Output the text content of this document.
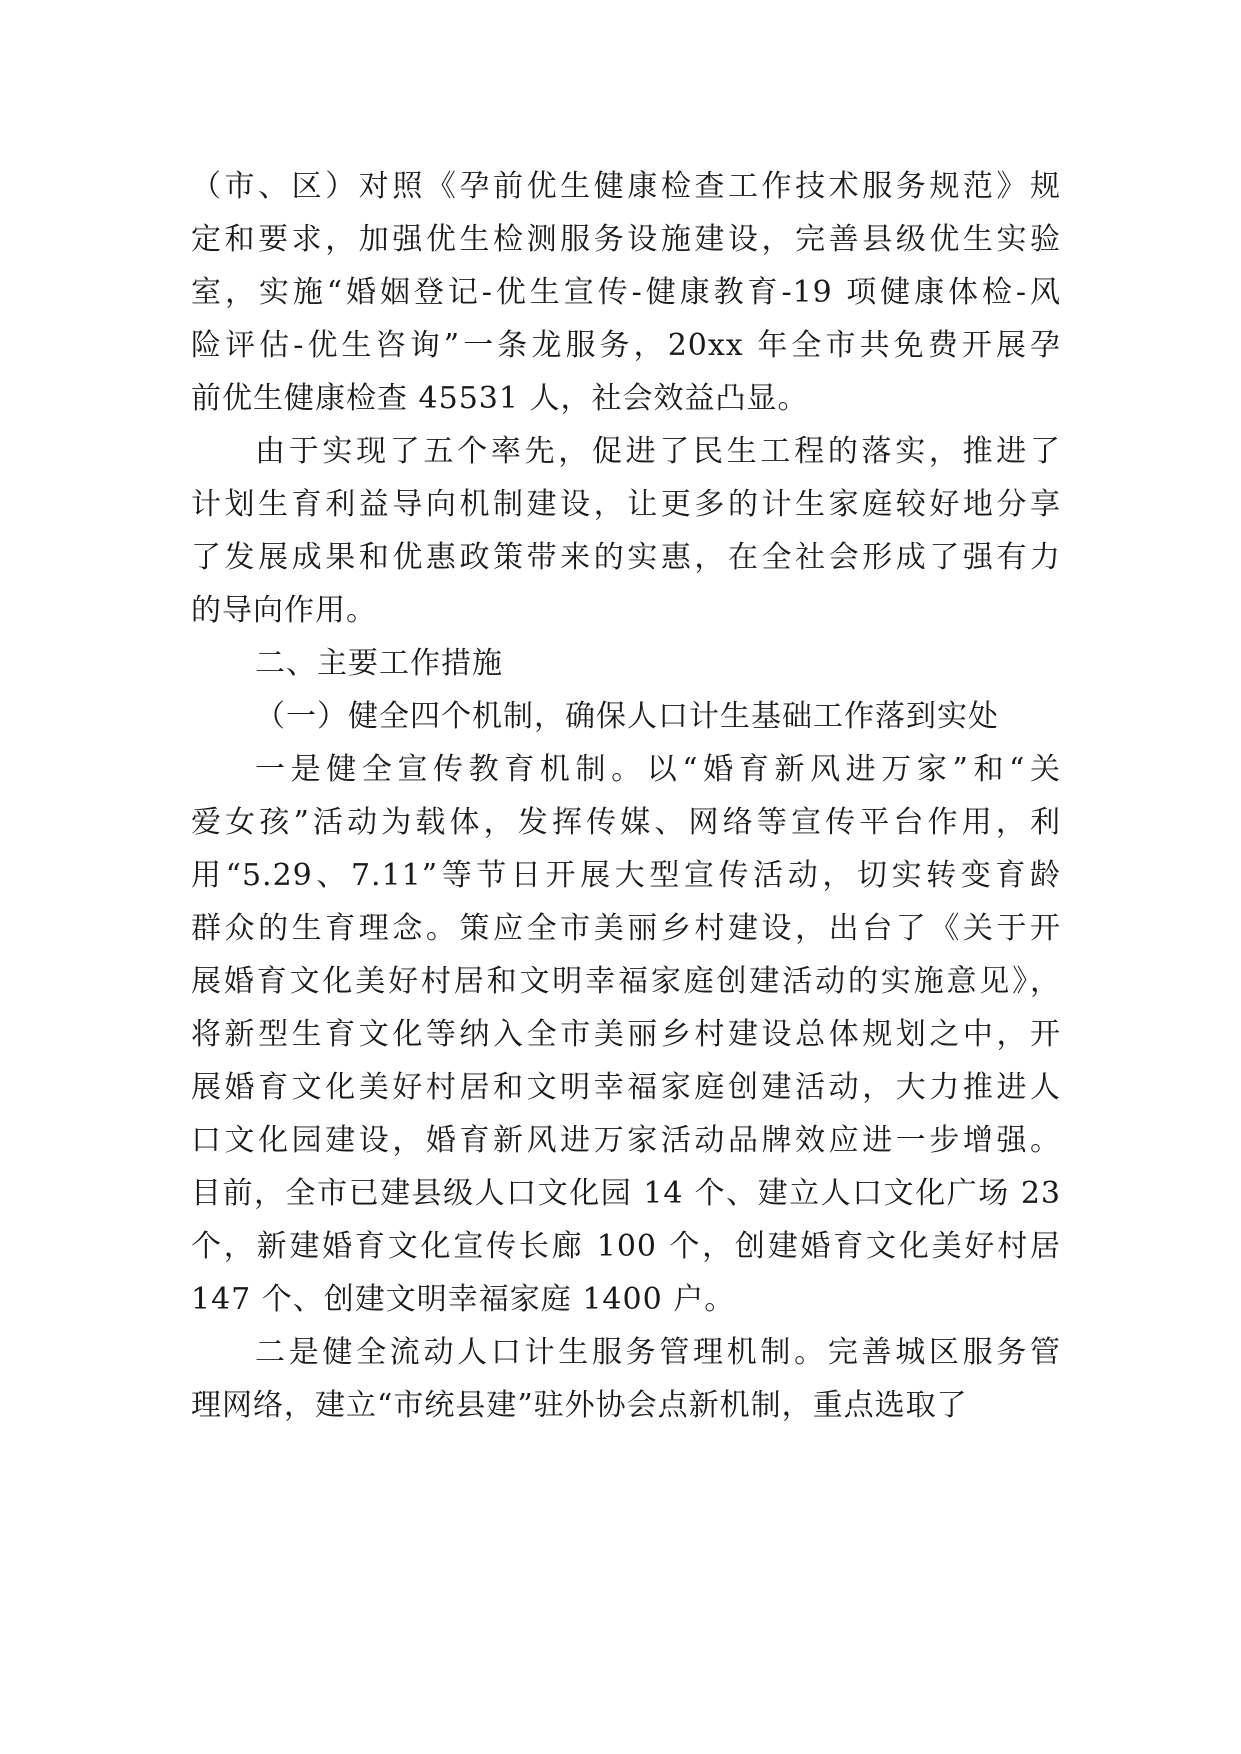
（市、区）对照《孕前优生健康检查工作技术服务规范》规
定和要求，加强优生检测服务设施建设，完善县级优生实验
室，实施“婚姻登记-优生宣传-健康教育-19 项健康体检-风
险评估-优生咨询”一条龙服务，20xx 年全市共免费开展孕
前优生健康检查 45531 人，社会效益凸显。
由于实现了五个率先，促进了民生工程的落实，推进了
计划生育利益导向机制建设，让更多的计生家庭较好地分享
了发展成果和优惠政策带来的实惠，在全社会形成了强有力
的导向作用。
二、主要工作措施
（一）健全四个机制，确保人口计生基础工作落到实处
一是健全宣传教育机制。以“婚育新风进万家”和“关
爱女孩”活动为载体，发挥传媒、网络等宣传平台作用，利
用“5.29、7.11”等节日开展大型宣传活动，切实转变育龄
群众的生育理念。策应全市美丽乡村建设，出台了《关于开
展婚育文化美好村居和文明幸福家庭创建活动的实施意见》，
将新型生育文化等纳入全市美丽乡村建设总体规划之中，开
展婚育文化美好村居和文明幸福家庭创建活动，大力推进人
口文化园建设，婚育新风进万家活动品牌效应进一步增强。
目前，全市已建县级人口文化园 14 个、建立人口文化广场 23
个，新建婚育文化宣传长廊 100 个，创建婚育文化美好村居
147 个、创建文明幸福家庭 1400 户。
二是健全流动人口计生服务管理机制。完善城区服务管
理网络，建立“市统县建”驻外协会点新机制，重点选取了
